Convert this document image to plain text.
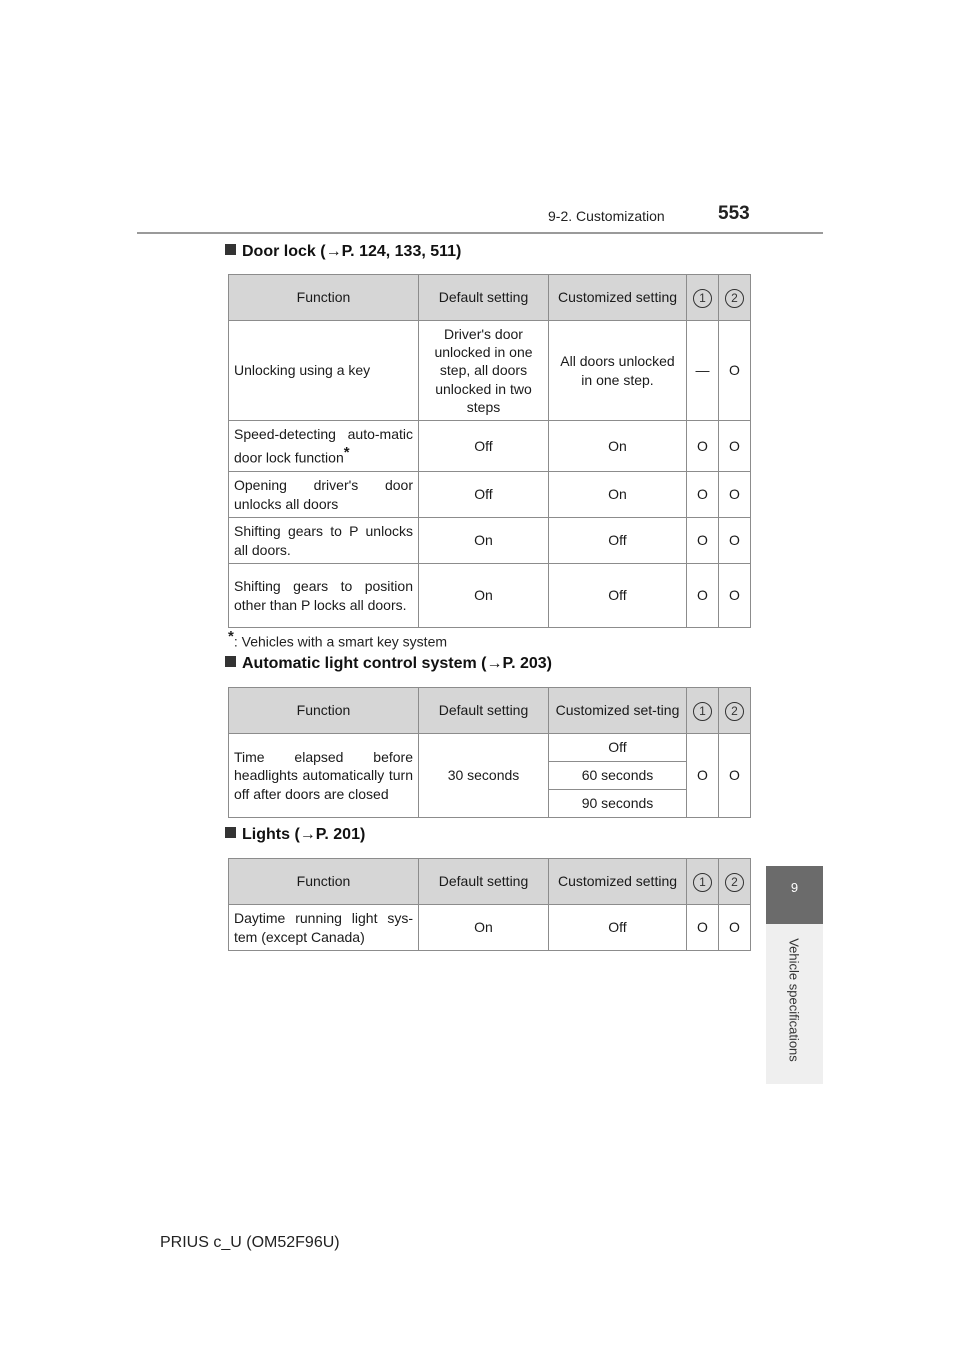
9-2. Customization	553
9
Vehicle specifications
Door lock (→P. 124, 133, 511)
Function	Default setting	Customized setting	1	2
Unlocking using a key	Driver's door unlocked in one step, all doors unlocked in two steps	All doors unlocked in one step.	—	O
Speed-detecting auto-matic door lock function*	Off	On	O	O
Opening driver's door unlocks all doors	Off	On	O	O
Shifting gears to P unlocks all doors.	On	Off	O	O
Shifting gears to position other than P locks all doors.	On	Off	O	O
*: Vehicles with a smart key system
Automatic light control system (→P. 203)
Function	Default setting	Customized set-ting	1	2
Time elapsed before headlights automatically turn off after doors are closed	30 seconds	Off	O	O
		60 seconds		
		90 seconds		
Lights (→P. 201)
Function	Default setting	Customized setting	1	2
Daytime running light sys-tem (except Canada)	On	Off	O	O
PRIUS c_U (OM52F96U)
